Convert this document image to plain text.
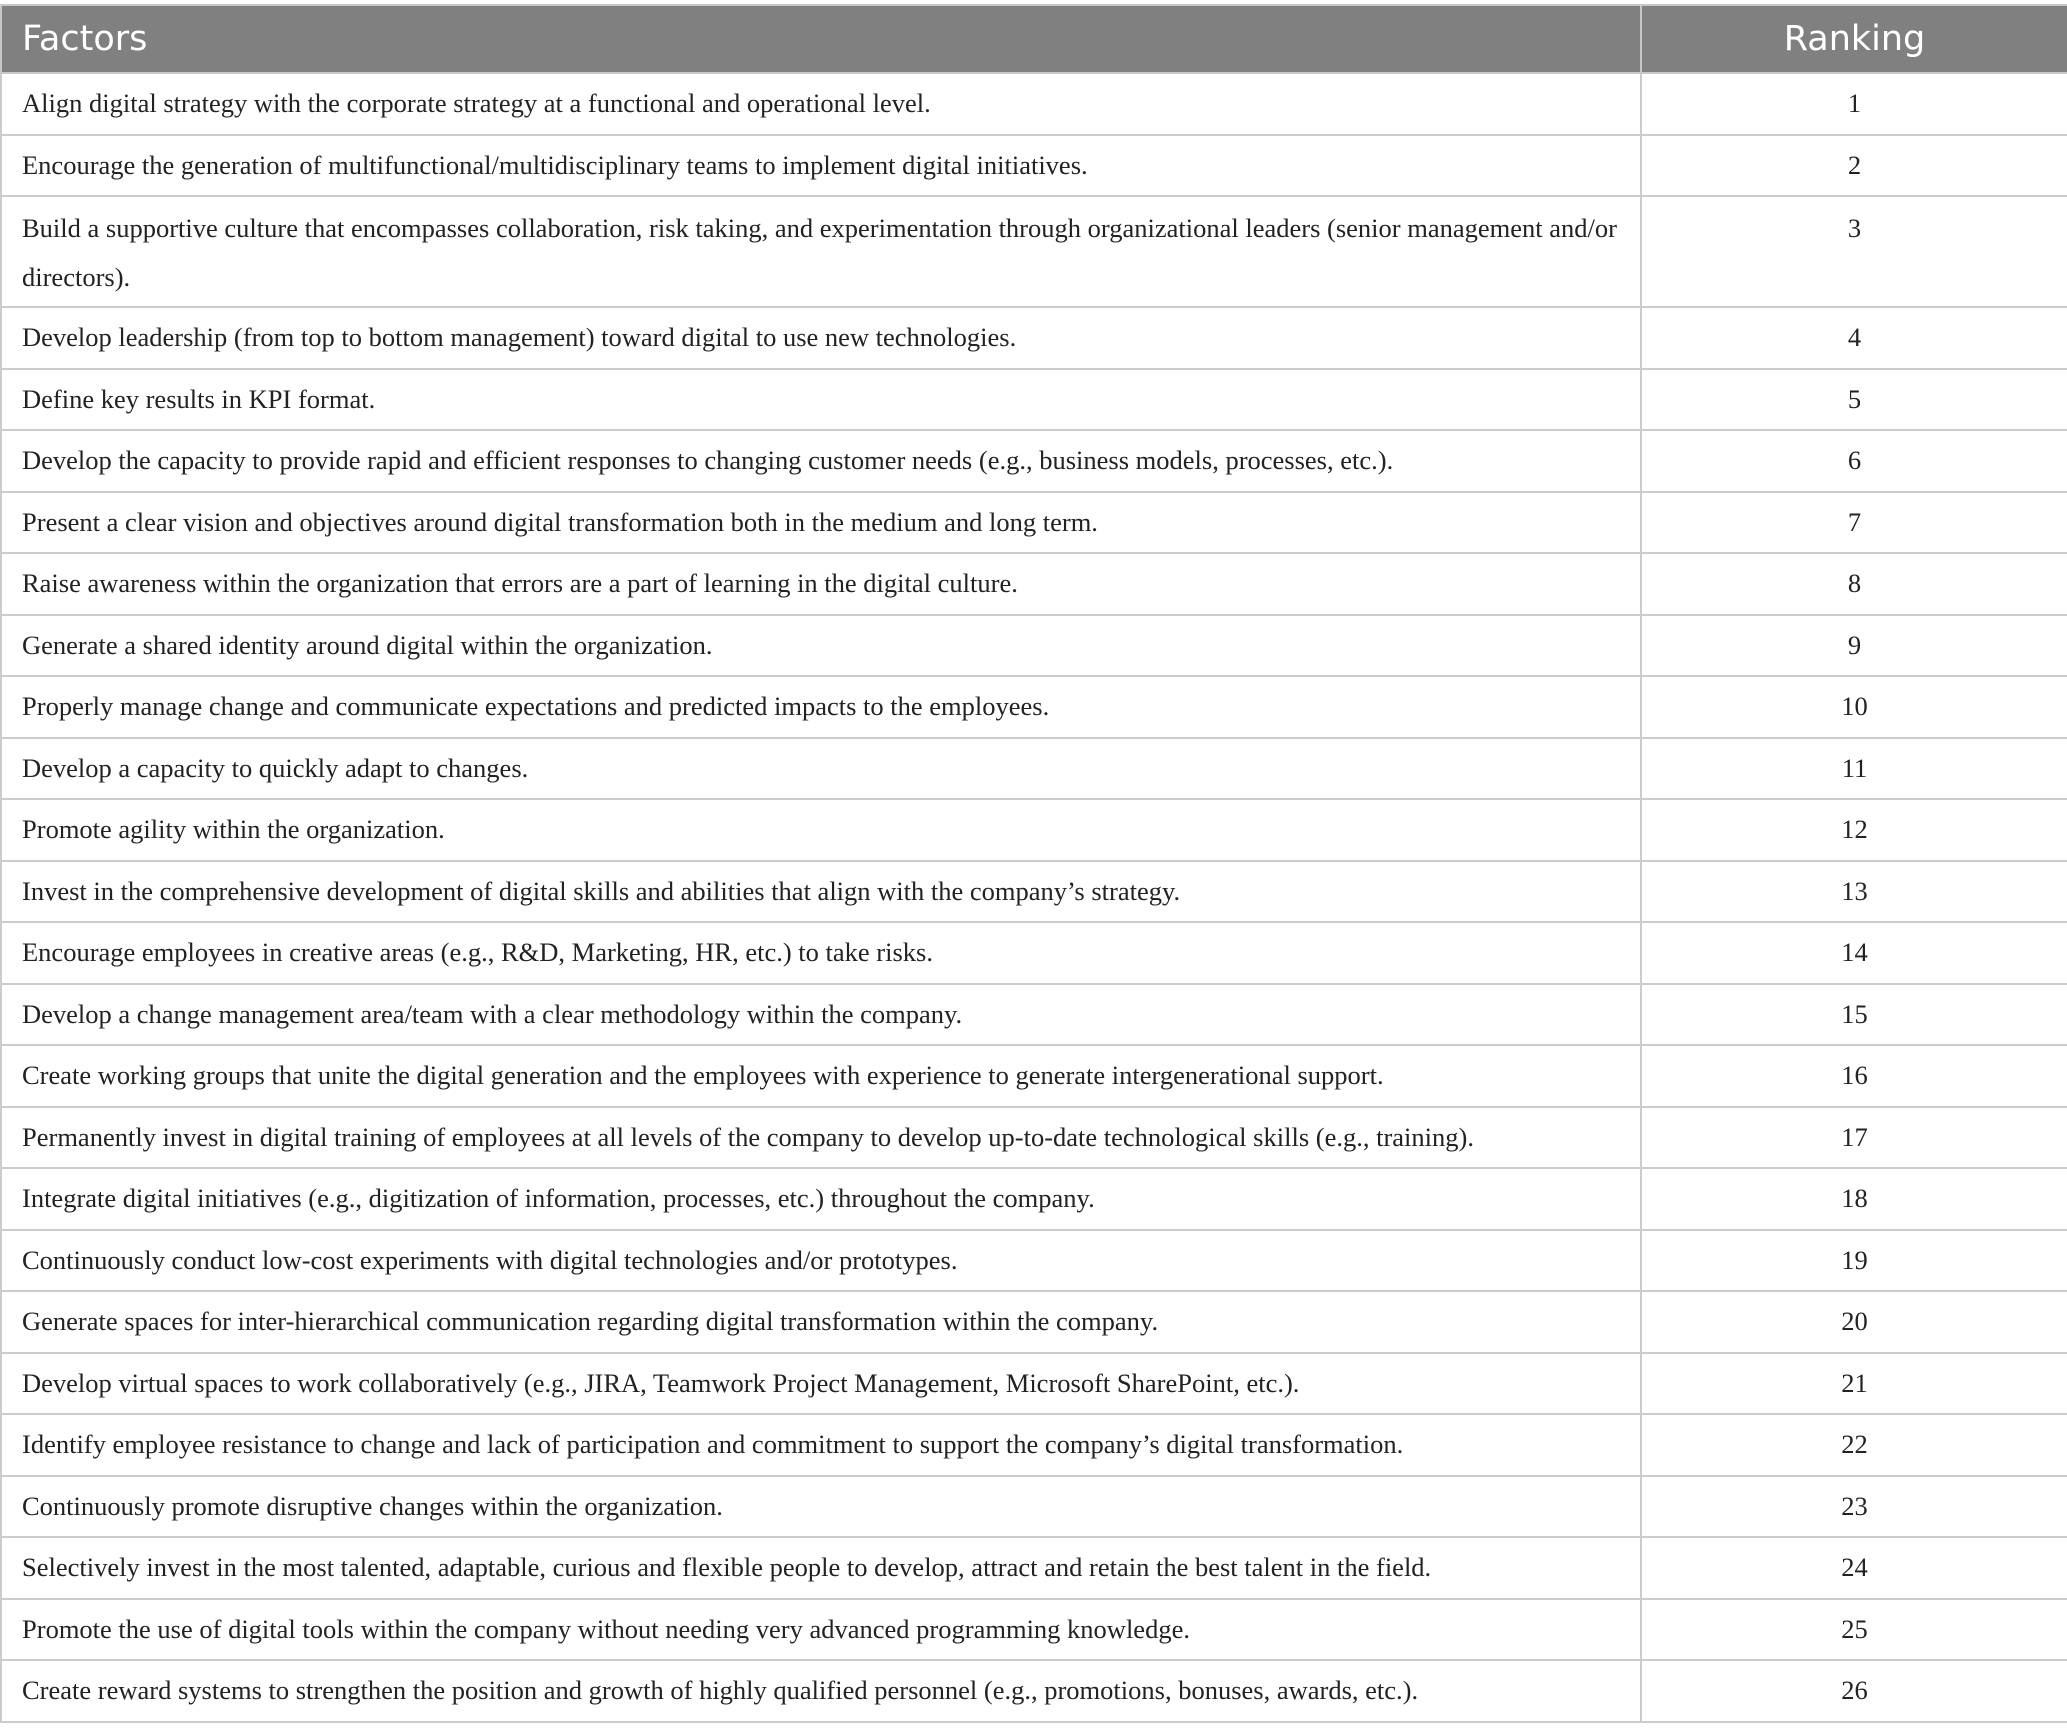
Factors	Ranking
Align digital strategy with the corporate strategy at a functional and operational level.	1
Encourage the generation of multifunctional/multidisciplinary teams to implement digital initiatives.	2
Build a supportive culture that encompasses collaboration, risk taking, and experimentation through organizational leaders (senior management and/or directors).	3
Develop leadership (from top to bottom management) toward digital to use new technologies.	4
Define key results in KPI format.	5
Develop the capacity to provide rapid and efficient responses to changing customer needs (e.g., business models, processes, etc.).	6
Present a clear vision and objectives around digital transformation both in the medium and long term.	7
Raise awareness within the organization that errors are a part of learning in the digital culture.	8
Generate a shared identity around digital within the organization.	9
Properly manage change and communicate expectations and predicted impacts to the employees.	10
Develop a capacity to quickly adapt to changes.	11
Promote agility within the organization.	12
Invest in the comprehensive development of digital skills and abilities that align with the company’s strategy.	13
Encourage employees in creative areas (e.g., R&D, Marketing, HR, etc.) to take risks.	14
Develop a change management area/team with a clear methodology within the company.	15
Create working groups that unite the digital generation and the employees with experience to generate intergenerational support.	16
Permanently invest in digital training of employees at all levels of the company to develop up-to-date technological skills (e.g., training).	17
Integrate digital initiatives (e.g., digitization of information, processes, etc.) throughout the company.	18
Continuously conduct low-cost experiments with digital technologies and/or prototypes.	19
Generate spaces for inter-hierarchical communication regarding digital transformation within the company.	20
Develop virtual spaces to work collaboratively (e.g., JIRA, Teamwork Project Management, Microsoft SharePoint, etc.).	21
Identify employee resistance to change and lack of participation and commitment to support the company’s digital transformation.	22
Continuously promote disruptive changes within the organization.	23
Selectively invest in the most talented, adaptable, curious and flexible people to develop, attract and retain the best talent in the field.	24
Promote the use of digital tools within the company without needing very advanced programming knowledge.	25
Create reward systems to strengthen the position and growth of highly qualified personnel (e.g., promotions, bonuses, awards, etc.).	26
